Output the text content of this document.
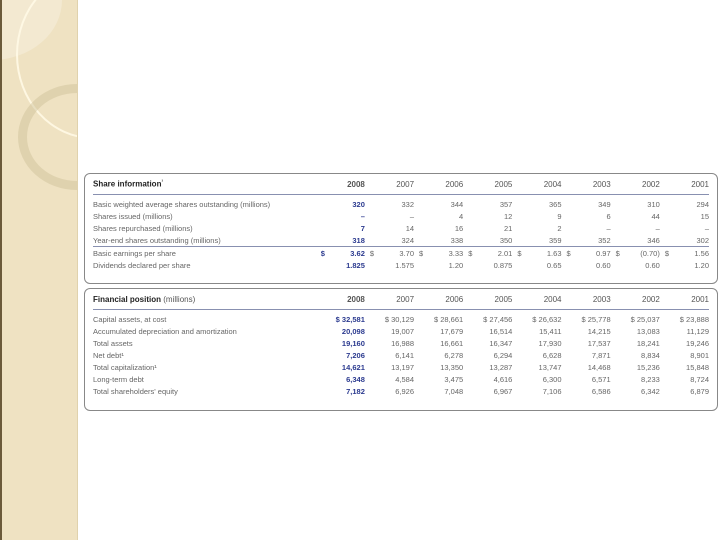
Share information$^{^1}$	2008	2007	2006	2005	2004	2003	2002	2001
Basic weighted average shares outstanding (millions)	320	332	344	357	365	349	310	294
Shares issued (millions)	–	–	4	12	9	6	44	15
Shares repurchased (millions)	7	14	16	21	2	–	–	–
Year-end shares outstanding (millions)	318	324	338	350	359	352	346	302
Basic earnings per share	$ 3.62	$ 3.70	$ 3.33	$ 2.01	$ 1.63	$ 0.97	$ (0.70)	$ 1.56
Dividends declared per share	1.825	1.575	1.20	0.875	0.65	0.60	0.60	1.20
Financial position (millions)	2008	2007	2006	2005	2004	2003	2002	2001
Capital assets, at cost	$ 32,581	$ 30,129	$ 28,661	$ 27,456	$ 26,632	$ 25,778	$ 25,037	$ 23,888
Accumulated depreciation and amortization	20,098	19,007	17,679	16,514	15,411	14,215	13,083	11,129
Total assets	19,160	16,988	16,661	16,347	17,930	17,537	18,241	19,246
Net debt¹	7,206	6,141	6,278	6,294	6,628	7,871	8,834	8,901
Total capitalization¹	14,621	13,197	13,350	13,287	13,747	14,468	15,236	15,848
Long-term debt	6,348	4,584	3,475	4,616	6,300	6,571	8,233	8,724
Total shareholders' equity	7,182	6,926	7,048	6,967	7,106	6,586	6,342	6,879
